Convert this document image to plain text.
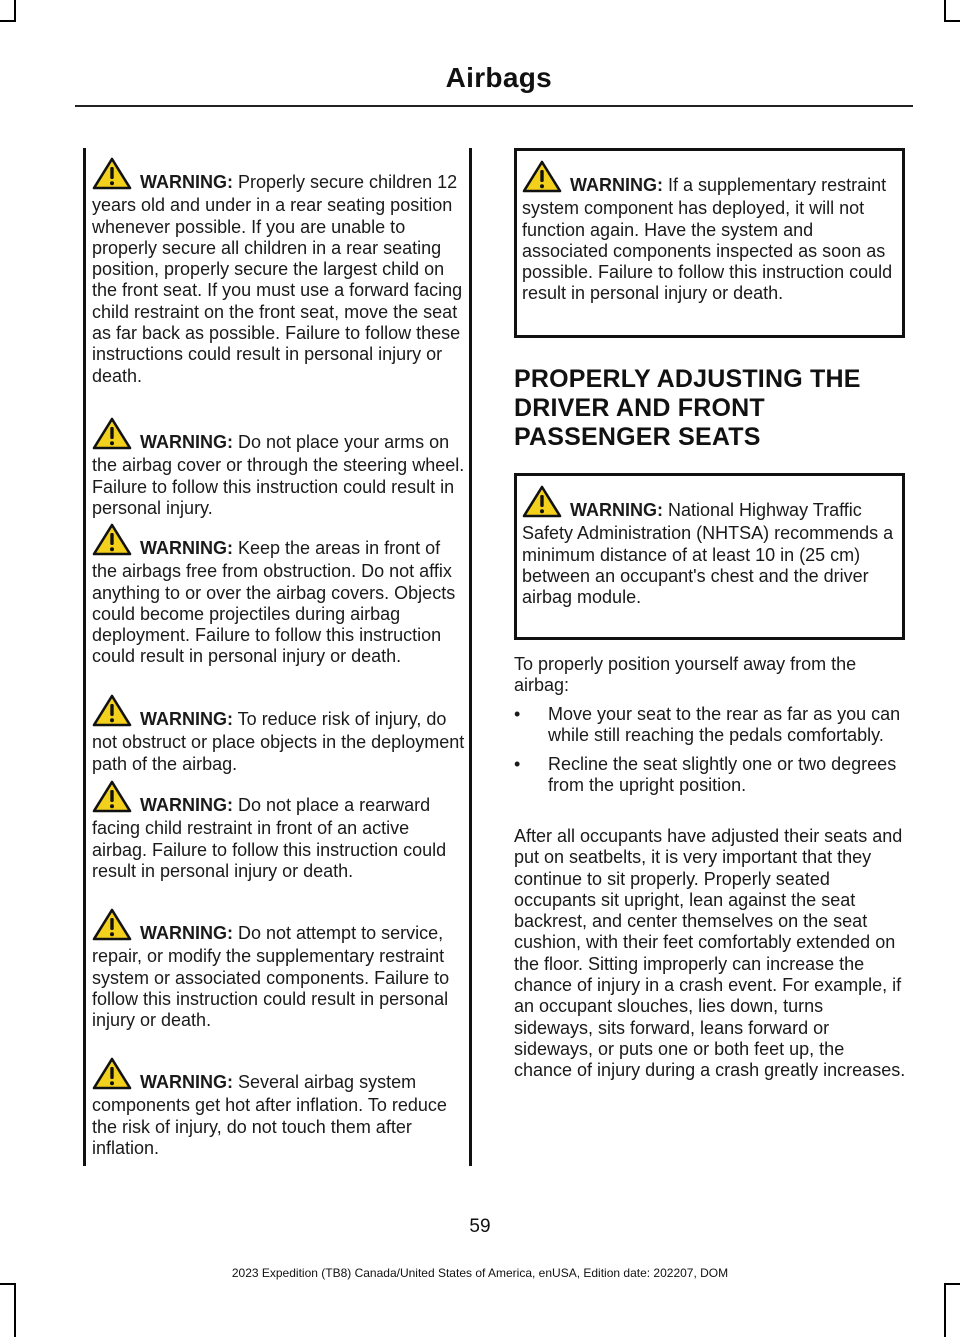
Airbags
WARNING: Properly secure children 12 years old and under in a rear seating position whenever possible. If you are unable to properly secure all children in a rear seating position, properly secure the largest child on the front seat. If you must use a forward facing child restraint on the front seat, move the seat as far back as possible. Failure to follow these instructions could result in personal injury or death.
WARNING: Do not place your arms on the airbag cover or through the steering wheel. Failure to follow this instruction could result in personal injury.
WARNING: Keep the areas in front of the airbags free from obstruction. Do not affix anything to or over the airbag covers. Objects could become projectiles during airbag deployment. Failure to follow this instruction could result in personal injury or death.
WARNING: To reduce risk of injury, do not obstruct or place objects in the deployment path of the airbag.
WARNING: Do not place a rearward facing child restraint in front of an active airbag. Failure to follow this instruction could result in personal injury or death.
WARNING: Do not attempt to service, repair, or modify the supplementary restraint system or associated components. Failure to follow this instruction could result in personal injury or death.
WARNING: Several airbag system components get hot after inflation. To reduce the risk of injury, do not touch them after inflation.
WARNING: If a supplementary restraint system component has deployed, it will not function again. Have the system and associated components inspected as soon as possible. Failure to follow this instruction could result in personal injury or death.
PROPERLY ADJUSTING THE
DRIVER AND FRONT
PASSENGER SEATS
WARNING: National Highway Traffic Safety Administration (NHTSA) recommends a minimum distance of at least 10 in (25 cm) between an occupant's chest and the driver airbag module.
To properly position yourself away from the airbag:
• Move your seat to the rear as far as you can while still reaching the pedals comfortably.
• Recline the seat slightly one or two degrees from the upright position.
After all occupants have adjusted their seats and put on seatbelts, it is very important that they continue to sit properly. Properly seated occupants sit upright, lean against the seat backrest, and center themselves on the seat cushion, with their feet comfortably extended on the floor. Sitting improperly can increase the chance of injury in a crash event. For example, if an occupant slouches, lies down, turns sideways, sits forward, leans forward or sideways, or puts one or both feet up, the chance of injury during a crash greatly increases.
59
2023 Expedition (TB8) Canada/United States of America, enUSA, Edition date: 202207, DOM
